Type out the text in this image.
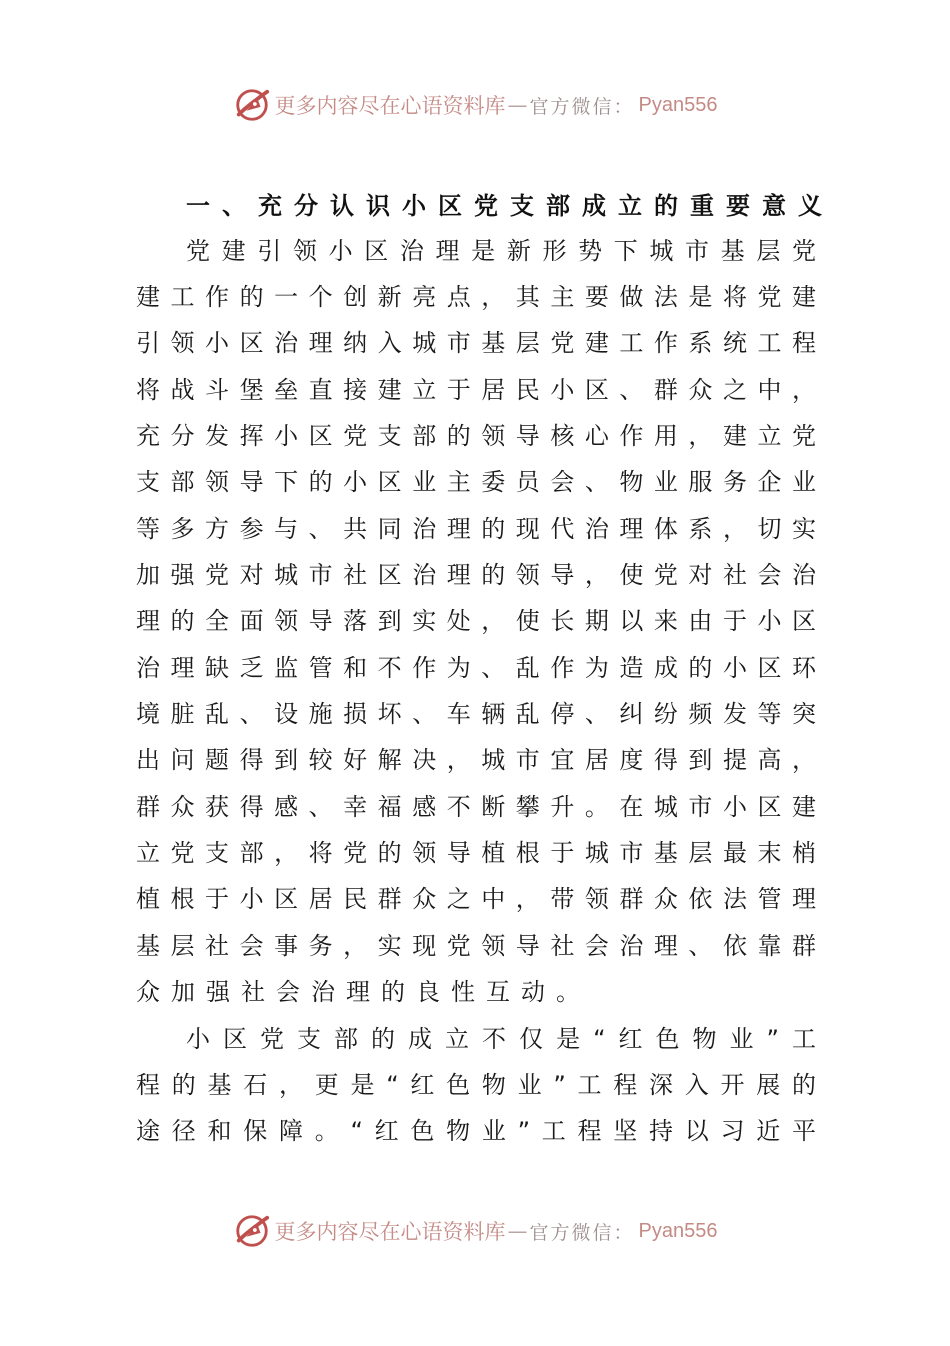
更多内容尽在心语资料库 — 官方微信： Pyan556
一、充分认识小区党支部成立的重要意义
党建引领小区治理是新形势下城市基层党
建工作的一个创新亮点，其主要做法是将党建
引领小区治理纳入城市基层党建工作系统工程
将战斗堡垒直接建立于居民小区、群众之中，
充分发挥小区党支部的领导核心作用，建立党
支部领导下的小区业主委员会、物业服务企业
等多方参与、共同治理的现代治理体系，切实
加强党对城市社区治理的领导，使党对社会治
理的全面领导落到实处，使长期以来由于小区
治理缺乏监管和不作为、乱作为造成的小区环
境脏乱、设施损坏、车辆乱停、纠纷频发等突
出问题得到较好解决，城市宜居度得到提高，
群众获得感、幸福感不断攀升。在城市小区建
立党支部，将党的领导植根于城市基层最末梢
植根于小区居民群众之中，带领群众依法管理
基层社会事务，实现党领导社会治理、依靠群
众加强社会治理的良性互动。
小区党支部的成立不仅是“红色物业”工
程的基石，更是“红色物业”工程深入开展的
途径和保障。“红色物业”工程坚持以习近平
更多内容尽在心语资料库 — 官方微信： Pyan556
